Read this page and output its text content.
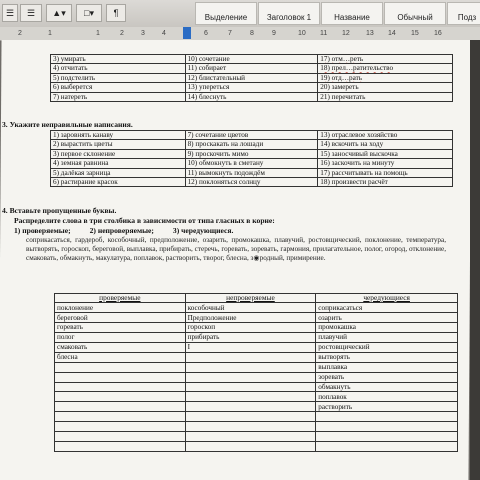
☰ ☰ ▲▾ □▾ ¶	Выделение Заголовок 1	Название	Обычный	Подз
2	1	1	2 3 4	6	7	8	9	10 11 12 13 14 15 16
3) умирать	10) сочетание	17) отм…реть
4) отчитать	11) собирает	18) прел…ратительство
5) подстелить	12) блистательный	19) отд…рать
6) выберется	13) упереться	20) замереть
7) натереть	14) блеснуть	21) перечитать
3. Укажите неправильные написания.
1) заровнять канаву	7) сочетание цветов	13) отраслевое хозяйство
2) вырастить цветы	8) проскакать на лошади	14) вскочить на ходу
3) первое склонение	9) проскочить мимо	15) заносчивый выскочка
4) земная равнина	10) обмокнуть в сметану	16) заскочить на минуту
5) далёкая зарница	11) вымокнуть подождём	17) рассчитывать на помощь
6) растирание красок	12) поклоняться солнцу	18) произвести расчёт
4. Вставьте пропущенные буквы.
Распределите слова в три столбика в зависимости от типа гласных в корне:
1) проверяемые;          2) непроверяемые;          3) чередующиеся.
соприкасаться, гардероб, кособочный, предположение, озарить, промокашка, плавучий, ростовщический, поклонение, температура, вытворять, гороскоп, береговой, выплавка, прибирать, стеречь, горевать, зоревать, гармония, прилагательное, полог, огород, отклонение, смаковать, обмакнуть, макулатура, поплавок, растворить, творог, блесна, з◉родный, примирение.
проверяемые	непроверяемые	чередующиеся
поклонение	кособочный	соприкасаться
береговой	Предположение	озарить
горевать	гороскоп	промокашка
полог	прибирать	плавучий
смаковать	I	ростовщический
блесна		вытворять
		выплавка
		зоревать
		обмакнуть
		поплавок
		растворить
